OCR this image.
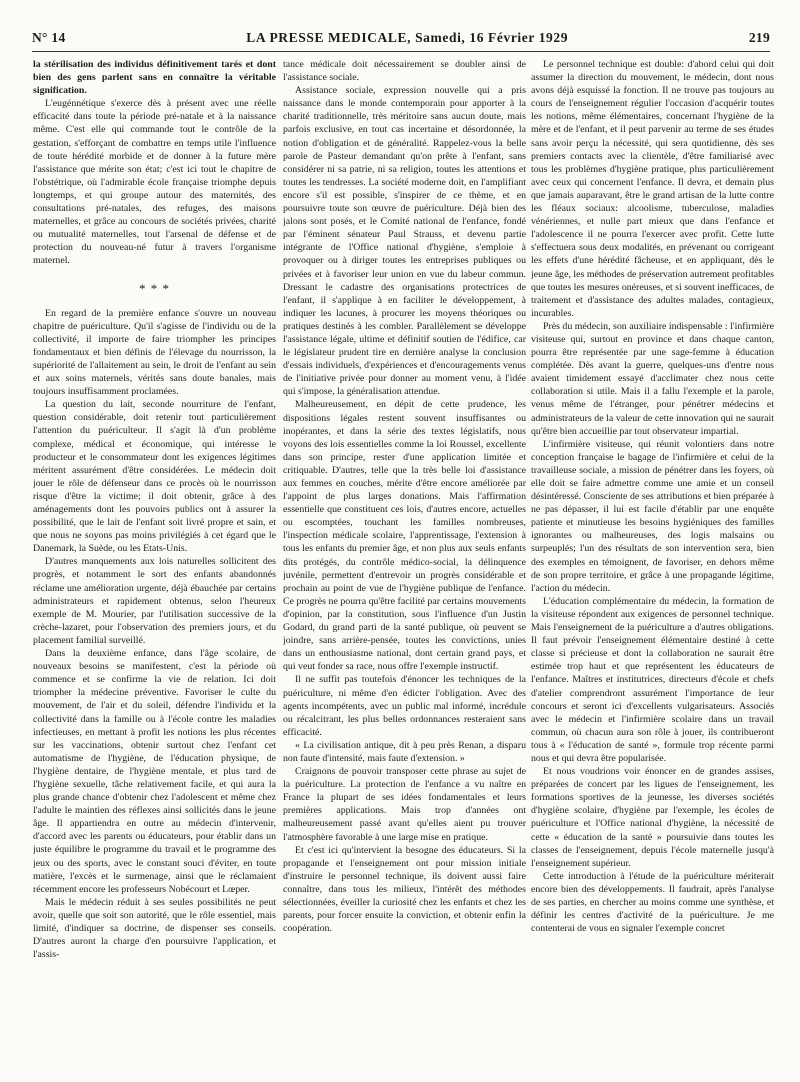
N° 14	LA PRESSE MEDICALE, Samedi, 16 Février 1929	219

la stérilisation des individus définitivement tarés et dont bien des gens parlent sans en connaître la véritable signification.

L'eugénnétique s'exerce dès à présent avec une réelle efficacité dans toute la période pré-natale et à la naissance même. C'est elle qui commande tout le contrôle de la gestation, s'efforçant de combattre en temps utile l'influence de toute hérédité morbide et de donner à la future mère l'assistance que mérite son état; c'est ici tout le chapitre de l'obstétrique, où l'admirable école française triomphe depuis longtemps, et qui groupe autour des maternités, des consultations pré-natales, des refuges, des maisons maternelles, et grâce au concours de sociétés privées, charité ou mutualité maternelles, tout l'arsenal de défense et de protection du nouveau-né futur à travers l'organisme maternel.

* * *

En regard de la première enfance s'ouvre un nouveau chapitre de puériculture. Qu'il s'agisse de l'individu ou de la collectivité, il importe de faire triompher les principes fondamentaux et bien définis de l'élevage du nourrisson, la supériorité de l'allaitement au sein, le droit de l'enfant au sein et aux soins maternels, vérités sans doute banales, mais toujours insuffisamment proclamées.

La question du lait, seconde nourriture de l'enfant, question considérable, doit retenir tout particulièrement l'attention du puériculteur. Il s'agit là d'un problème complexe, médical et économique, qui intéresse le producteur et le consommateur dont les exigences légitimes méritent assurément d'être considérées. Le médecin doit jouer le rôle de défenseur dans ce procès où le nourrisson risque d'être la victime; il doit obtenir, grâce à des aménagements dont les pouvoirs publics ont à assurer la possibilité, que le lait de l'enfant soit livré propre et sain, et que nous ne soyons pas moins privilégiés à cet égard que le Danemark, la Suède, ou les Etats-Unis.

D'autres manquements aux lois naturelles sollicitent des progrès, et notamment le sort des enfants abandonnés réclame une amélioration urgente, déjà ébauchée par certains administrateurs et rapidement obtenus, selon l'heureux exemple de M. Mourier, par l'utilisation successive de la crèche-lazaret, pour l'observation des premiers jours, et du placement familial surveillé.

Dans la deuxième enfance, dans l'âge scolaire, de nouveaux besoins se manifestent, c'est la période où commence et se confirme la vie de relation. Ici doit triompher la médecine préventive. Favoriser le culte du mouvement, de l'air et du soleil, défendre l'individu et la collectivité dans la famille ou à l'école contre les maladies infectieuses, en mettant à profit les notions les plus récentes sur les vaccinations, obtenir surtout chez l'enfant cet automatisme de l'hygiène, de l'éducation physique, de l'hygiène dentaire, de l'hygiène mentale, et plus tard de l'hygiène sexuelle, tâche relativement facile, et qui aura la plus grande chance d'obtenir chez l'adolescent et même chez l'adulte le maintien des réflexes ainsi sollicités dans le jeune âge. Il appartiendra en outre au médecin d'intervenir, d'accord avec les parents ou éducateurs, pour établir dans un juste équilibre le programme du travail et le programme des jeux ou des sports, avec le constant souci d'éviter, en toute matière, l'excès et le surmenage, ainsi que le réclamaient récemment encore les professeurs Nobécourt et Lœper.

Mais le médecin réduit à ses seules possibilités ne peut avoir, quelle que soit son autorité, que le rôle essentiel, mais limité, d'indiquer sa doctrine, de dispenser ses conseils. D'autres auront la charge d'en poursuivre l'application, et l'assis-

tance médicale doit nécessairement se doubler ainsi de l'assistance sociale.

Assistance sociale, expression nouvelle qui a pris naissance dans le monde contemporain pour apporter à la charité traditionnelle, très méritoire sans aucun doute, mais parfois exclusive, en tout cas incertaine et désordonnée, la notion d'obligation et de généralité. Rappelez-vous la belle parole de Pasteur demandant qu'on prête à l'enfant, sans considérer ni sa patrie, ni sa religion, toutes les attentions et toutes les tendresses. La société moderne doit, en l'amplifiant encore s'il est possible, s'inspirer de ce thème, et en poursuivre toute son œuvre de puériculture. Déjà bien des jalons sont posés, et le Comité national de l'enfance, fondé par l'éminent sénateur Paul Strauss, et devenu partie intégrante de l'Office national d'hygiène, s'emploie à provoquer ou à diriger toutes les entreprises publiques ou privées et à favoriser leur union en vue du labeur commun. Dressant le cadastre des organisations protectrices de l'enfant, il s'applique à en faciliter le développement, à indiquer les lacunes, à procurer les moyens théoriques ou pratiques destinés à les combler. Parallèlement se développe l'assistance légale, ultime et définitif soutien de l'édifice, car le législateur prudent tire en dernière analyse la conclusion d'essais individuels, d'expériences et d'encouragements venus de l'initiative privée pour donner au moment venu, à l'idée qui s'impose, la généralisation attendue.

Malheureusement, en dépit de cette prudence, les dispositions légales restent souvent insuffisantes ou inopérantes, et dans la série des textes législatifs, nous voyons des lois essentielles comme la loi Roussel, excellente dans son principe, rester d'une application limitée et critiquable. D'autres, telle que la très belle loi d'assistance aux femmes en couches, mérite d'être encore améliorée par l'appoint de plus larges donations. Mais l'affirmation essentielle que constituent ces lois, d'autres encore, actuelles ou escomptées, touchant les familles nombreuses, l'inspection médicale scolaire, l'apprentissage, l'extension à tous les enfants du premier âge, et non plus aux seuls enfants dits protégés, du contrôle médico-social, la délinquence juvénile, permettent d'entrevoir un progrès considérable et prochain au point de vue de l'hygiène publique de l'enfance. Ce progrès ne pourra qu'être facilité par certains mouvements d'opinion, par la constitution, sous l'influence d'un Justin Godard, du grand parti de la santé publique, où peuvent se joindre, sans arrière-pensée, toutes les convictions, unies dans un enthousiasme national, dont certain grand pays, et qui veut fonder sa race, nous offre l'exemple instructif.

Il ne suffit pas toutefois d'énoncer les techniques de la puériculture, ni même d'en édicter l'obligation. Avec des agents incompétents, avec un public mal informé, incrédule ou récalcitrant, les plus belles ordonnances resteraient sans efficacité.

« La civilisation antique, dit à peu près Renan, a disparu non faute d'intensité, mais faute d'extension. »

Craignons de pouvoir transposer cette phrase au sujet de la puériculture. La protection de l'enfance a vu naître en France la plupart de ses idées fondamentales et leurs premières applications. Mais trop d'années ont malheureusement passé avant qu'elles aient pu trouver l'atmosphère favorable à une large mise en pratique.

Et c'est ici qu'intervient la besogne des éducateurs. Si la propagande et l'enseignement ont pour mission initiale d'instruire le personnel technique, ils doivent aussi faire connaître, dans tous les milieux, l'intérêt des méthodes sélectionnées, éveiller la curiosité chez les enfants et chez les parents, pour forcer ensuite la conviction, et obtenir enfin la coopération.

Le personnel technique est double: d'abord celui qui doit assumer la direction du mouvement, le médecin, dont nous avons déjà esquissé la fonction. Il ne trouve pas toujours au cours de l'enseignement régulier l'occasion d'acquérir toutes les notions, même élémentaires, concernant l'hygiène de la mère et de l'enfant, et il peut parvenir au terme de ses études sans avoir perçu la nécessité, qui sera quotidienne, dès ses premiers contacts avec la clientèle, d'être familiarisé avec tous les problèmes d'hygiène pratique, plus particulièrement avec ceux qui concernent l'enfance. Il devra, et demain plus que jamais auparavant, être le grand artisan de la lutte contre les fléaux sociaux: alcoolisme, tuberculose, maladies vénériennes, et nulle part mieux que dans l'enfance et l'adolescence il ne pourra l'exercer avec profit. Cette lutte s'effectuera sous deux modalités, en prévenant ou corrigeant les effets d'une hérédité fâcheuse, et en appliquant, dès le jeune âge, les méthodes de préservation autrement profitables que toutes les mesures onéreuses, et si souvent inefficaces, de traitement et d'assistance des adultes malades, contagieux, incurables.

Près du médecin, son auxiliaire indispensable : l'infirmière visiteuse qui, surtout en province et dans chaque canton, pourra être représentée par une sage-femme à éducation complétée. Dès avant la guerre, quelques-uns d'entre nous avaient timidement essayé d'acclimater chez nous cette collaboration si utile. Mais il a fallu l'exemple et la parole, venus même de l'étranger, pour pénétrer médecins et administrateurs de la valeur de cette innovation qui ne saurait qu'être bien accueillie par tout observateur impartial.

L'infirmière visiteuse, qui réunit volontiers dans notre conception française le bagage de l'infirmière et celui de la travailleuse sociale, a mission de pénétrer dans les foyers, où elle doit se faire admettre comme une amie et un conseil désintéressé. Consciente de ses attributions et bien préparée à ne pas dépasser, il lui est facile d'établir par une enquête patiente et minutieuse les besoins hygiéniques des familles ignorantes ou malheureuses, des logis malsains ou surpeuplés; l'un des résultats de son intervention sera, bien des exemples en témoignent, de favoriser, en dehors même de son propre territoire, et grâce à une propagande légitime, l'action du médecin.

L'éducation complémentaire du médecin, la formation de la visiteuse répondent aux exigences de personnel technique. Mais l'enseignement de la puériculture a d'autres obligations. Il faut prévoir l'enseignement élémentaire destiné à cette classe si précieuse et dont la collaboration ne saurait être estimée trop haut et que représentent les éducateurs de l'enfance. Maîtres et institutrices, directeurs d'école et chefs d'atelier comprendront assurément l'importance de leur concours et seront ici d'excellents vulgarisateurs. Associés avec le médecin et l'infirmière scolaire dans un travail commun, où chacun aura son rôle à jouer, ils contribueront tous à « l'éducation de santé », formule trop récente parmi nous et qui devra être popularisée.

Et nous voudrions voir énoncer en de grandes assises, préparées de concert par les ligues de l'enseignement, les formations sportives de la jeunesse, les diverses sociétés d'hygiène scolaire, d'hygiène par l'exemple, les écoles de puériculture et l'Office national d'hygiène, la nécessité de cette « éducation de la santé » poursuivie dans toutes les classes de l'enseignement, depuis l'école maternelle jusqu'à l'enseignement supérieur.

Cette introduction à l'étude de la puériculture mériterait encore bien des développements. Il faudrait, après l'analyse de ses parties, en chercher au moins comme une synthèse, et définir les centres d'activité de la puériculture. Je me contenterai de vous en signaler l'exemple concret
